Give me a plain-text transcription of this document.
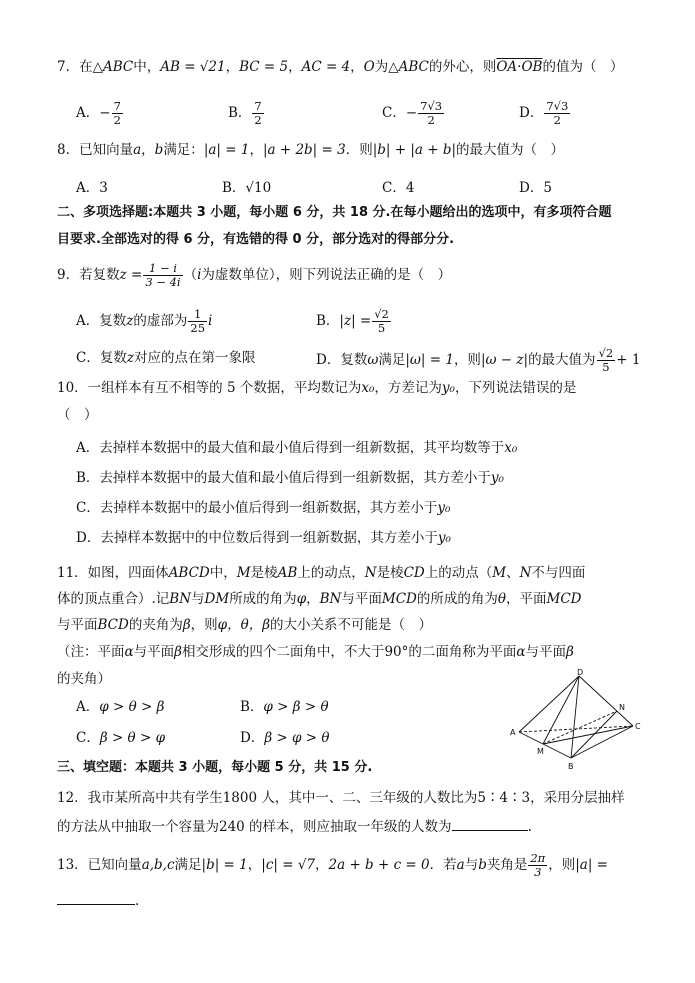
7．在△ABC中，AB = √21，BC = 5，AC = 4，O为△ABC的外心，则OA·OB的值为（　）
A．− $\frac{7}{2}$	B． $\frac{7}{2}$	C．− $\frac{7√3}{2}$	D． $\frac{7√3}{2}$
8．已知向量a，b满足：|a| = 1，|a + 2b| = 3．则|b| + |a + b|的最大值为（　）
A．3	B．√10	C．4	D．5
二、多项选择题:本题共 3 小题，每小题 6 分，共 18 分.在每小题给出的选项中，有多项符合题
目要求.全部选对的得 6 分，有选错的得 0 分，部分选对的得部分分.
9．若复数$z = \frac{1 - i}{3 - 4i} (i$为虚数单位），则下列说法正确的是（　）
A．复数z的虚部为 $\frac{1}{25}$ i	B．$|z| = \frac{√2}{5}$
C．复数z对应的点在第一象限	D．复数ω满足|ω| = 1，则|ω − z|的最大值为 $\frac{√2}{5} + 1$
10．一组样本有互不相等的 5 个数据，平均数记为x₀，方差记为y₀，下列说法错误的是
（　）
A．去掉样本数据中的最大值和最小值后得到一组新数据，其平均数等于x₀
B．去掉样本数据中的最大值和最小值后得到一组新数据，其方差小于y₀
C．去掉样本数据中的最小值后得到一组新数据，其方差小于y₀
D．去掉样本数据中的中位数后得到一组新数据，其方差小于y₀
11．如图，四面体ABCD中，M是棱AB上的动点，N是棱CD上的动点（M、N不与四面
体的顶点重合）.记BN与DM所成的角为φ，BN与平面MCD的所成的角为θ，平面MCD
与平面BCD的夹角为β，则φ，θ，β的大小关系不可能是（　）
（注：平面α与平面β相交形成的四个二面角中，不大于90°的二面角称为平面α与平面β
的夹角）
A．φ > θ > β	B．φ > β > θ
C．β > θ > φ	D．β > φ > θ
D
A
B
C
M
N
三、填空题：本题共 3 小题，每小题 5 分，共 15 分.
12．我市某所高中共有学生1800 人，其中一、二、三年级的人数比为5∶4∶3，采用分层抽样
的方法从中抽取一个容量为240 的样本，则应抽取一年级的人数为	.
13．已知向量a,b,c满足|b| = 1，|c| = √7，2a + b + c = 0．若a与b夹角是 $\frac{2\pi}{3}$ ，则|a| =
.
